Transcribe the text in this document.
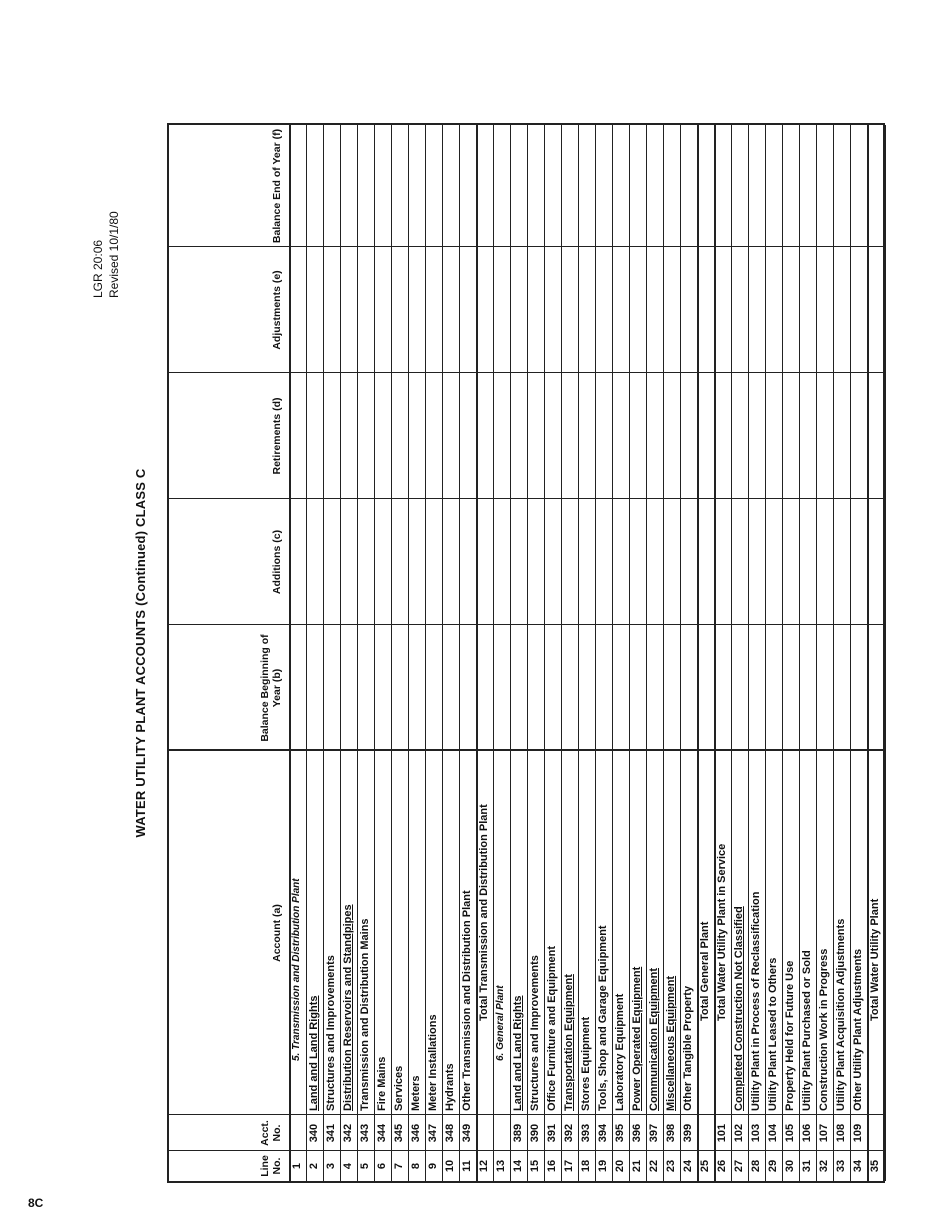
LGR 20:06 Revised 10/1/80
WATER UTILITY PLANT ACCOUNTS (Continued) CLASS C
Line No.
Acct. No.
Account (a)
Balance Beginning of Year (b)
Additions (c)
Retirements (d)
Adjustments (e)
Balance End of Year (f)
1
5. Transmission and Distribution Plant
2
340
Land and Land Rights
3
341
Structures and Improvements
4
342
Distribution Reservoirs and Standpipes
5
343
Transmission and Distribution Mains
6
344
Fire Mains
7
345
Services
8
346
Meters
9
347
Meter Installations
10
348
Hydrants
11
349
Other Transmission and Distribution Plant
12
Total Transmission and Distribution Plant
13
6. General Plant
14
389
Land and Land Rights
15
390
Structures and Improvements
16
391
Office Furniture and Equipment
17
392
Transportation Equipment
18
393
Stores Equipment
19
394
Tools, Shop and Garage Equipment
20
395
Laboratory Equipment
21
396
Power Operated Equipment
22
397
Communication Equipment
23
398
Miscellaneous Equipment
24
399
Other Tangible Property
25
Total General Plant
26
101
Total Water Utility Plant in Service
27
102
Completed Construction Not Classified
28
103
Utility Plant in Process of Reclassification
29
104
Utility Plant Leased to Others
30
105
Property Held for Future Use
31
106
Utility Plant Purchased or Sold
32
107
Construction Work in Progress
33
108
Utility Plant Acquisition Adjustments
34
109
Other Utility Plant Adjustments
35
Total Water Utility Plant
8C
